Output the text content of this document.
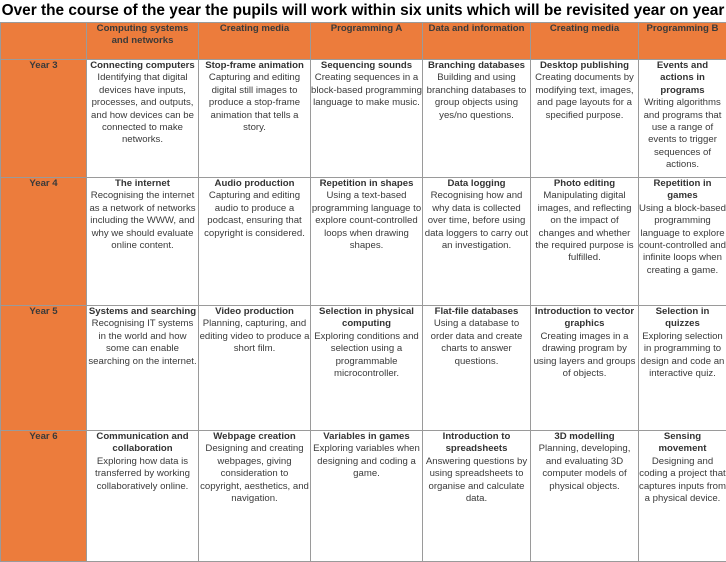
Over the course of the year the pupils will work within six units which will be revisited year on year
	Computing systems and networks	Creating media	Programming A	Data and information	Creating media	Programming B
Year 3	Connecting computers
Identifying that digital devices have inputs, processes, and outputs, and how devices can be connected to make networks.	Stop-frame animation
Capturing and editing digital still images to produce a stop-frame animation that tells a story.	Sequencing sounds
Creating sequences in a block-based programming language to make music.	Branching databases
Building and using branching databases to group objects using yes/no questions.	Desktop publishing
Creating documents by modifying text, images, and page layouts for a specified purpose.	Events and actions in programs
Writing algorithms and programs that use a range of events to trigger sequences of actions.

Year 4	The internet
Recognising the internet as a network of networks including the WWW, and why we should evaluate online content.	Audio production
Capturing and editing audio to produce a podcast, ensuring that copyright is considered.	Repetition in shapes
Using a text-based programming language to explore count-controlled loops when drawing shapes.	Data logging
Recognising how and why data is collected over time, before using data loggers to carry out an investigation.	Photo editing
Manipulating digital images, and reflecting on the impact of changes and whether the required purpose is fulfilled.	Repetition in games
Using a block-based programming language to explore count-controlled and infinite loops when creating a game.

Year 5	Systems and searching
Recognising IT systems in the world and how some can enable searching on the internet.	Video production
Planning, capturing, and editing video to produce a short film.	Selection in physical computing
Exploring conditions and selection using a programmable microcontroller.	Flat-file databases
Using a database to order data and create charts to answer questions.	Introduction to vector graphics
Creating images in a drawing program by using layers and groups of objects.	Selection in quizzes
Exploring selection in programming to design and code an interactive quiz.

Year 6	Communication and collaboration
Exploring how data is transferred by working collaboratively online.	Webpage creation
Designing and creating webpages, giving consideration to copyright, aesthetics, and navigation.	Variables in games
Exploring variables when designing and coding a game.	Introduction to spreadsheets
Answering questions by using spreadsheets to organise and calculate data.	3D modelling
Planning, developing, and evaluating 3D computer models of physical objects.	Sensing movement
Designing and coding a project that captures inputs from a physical device.
